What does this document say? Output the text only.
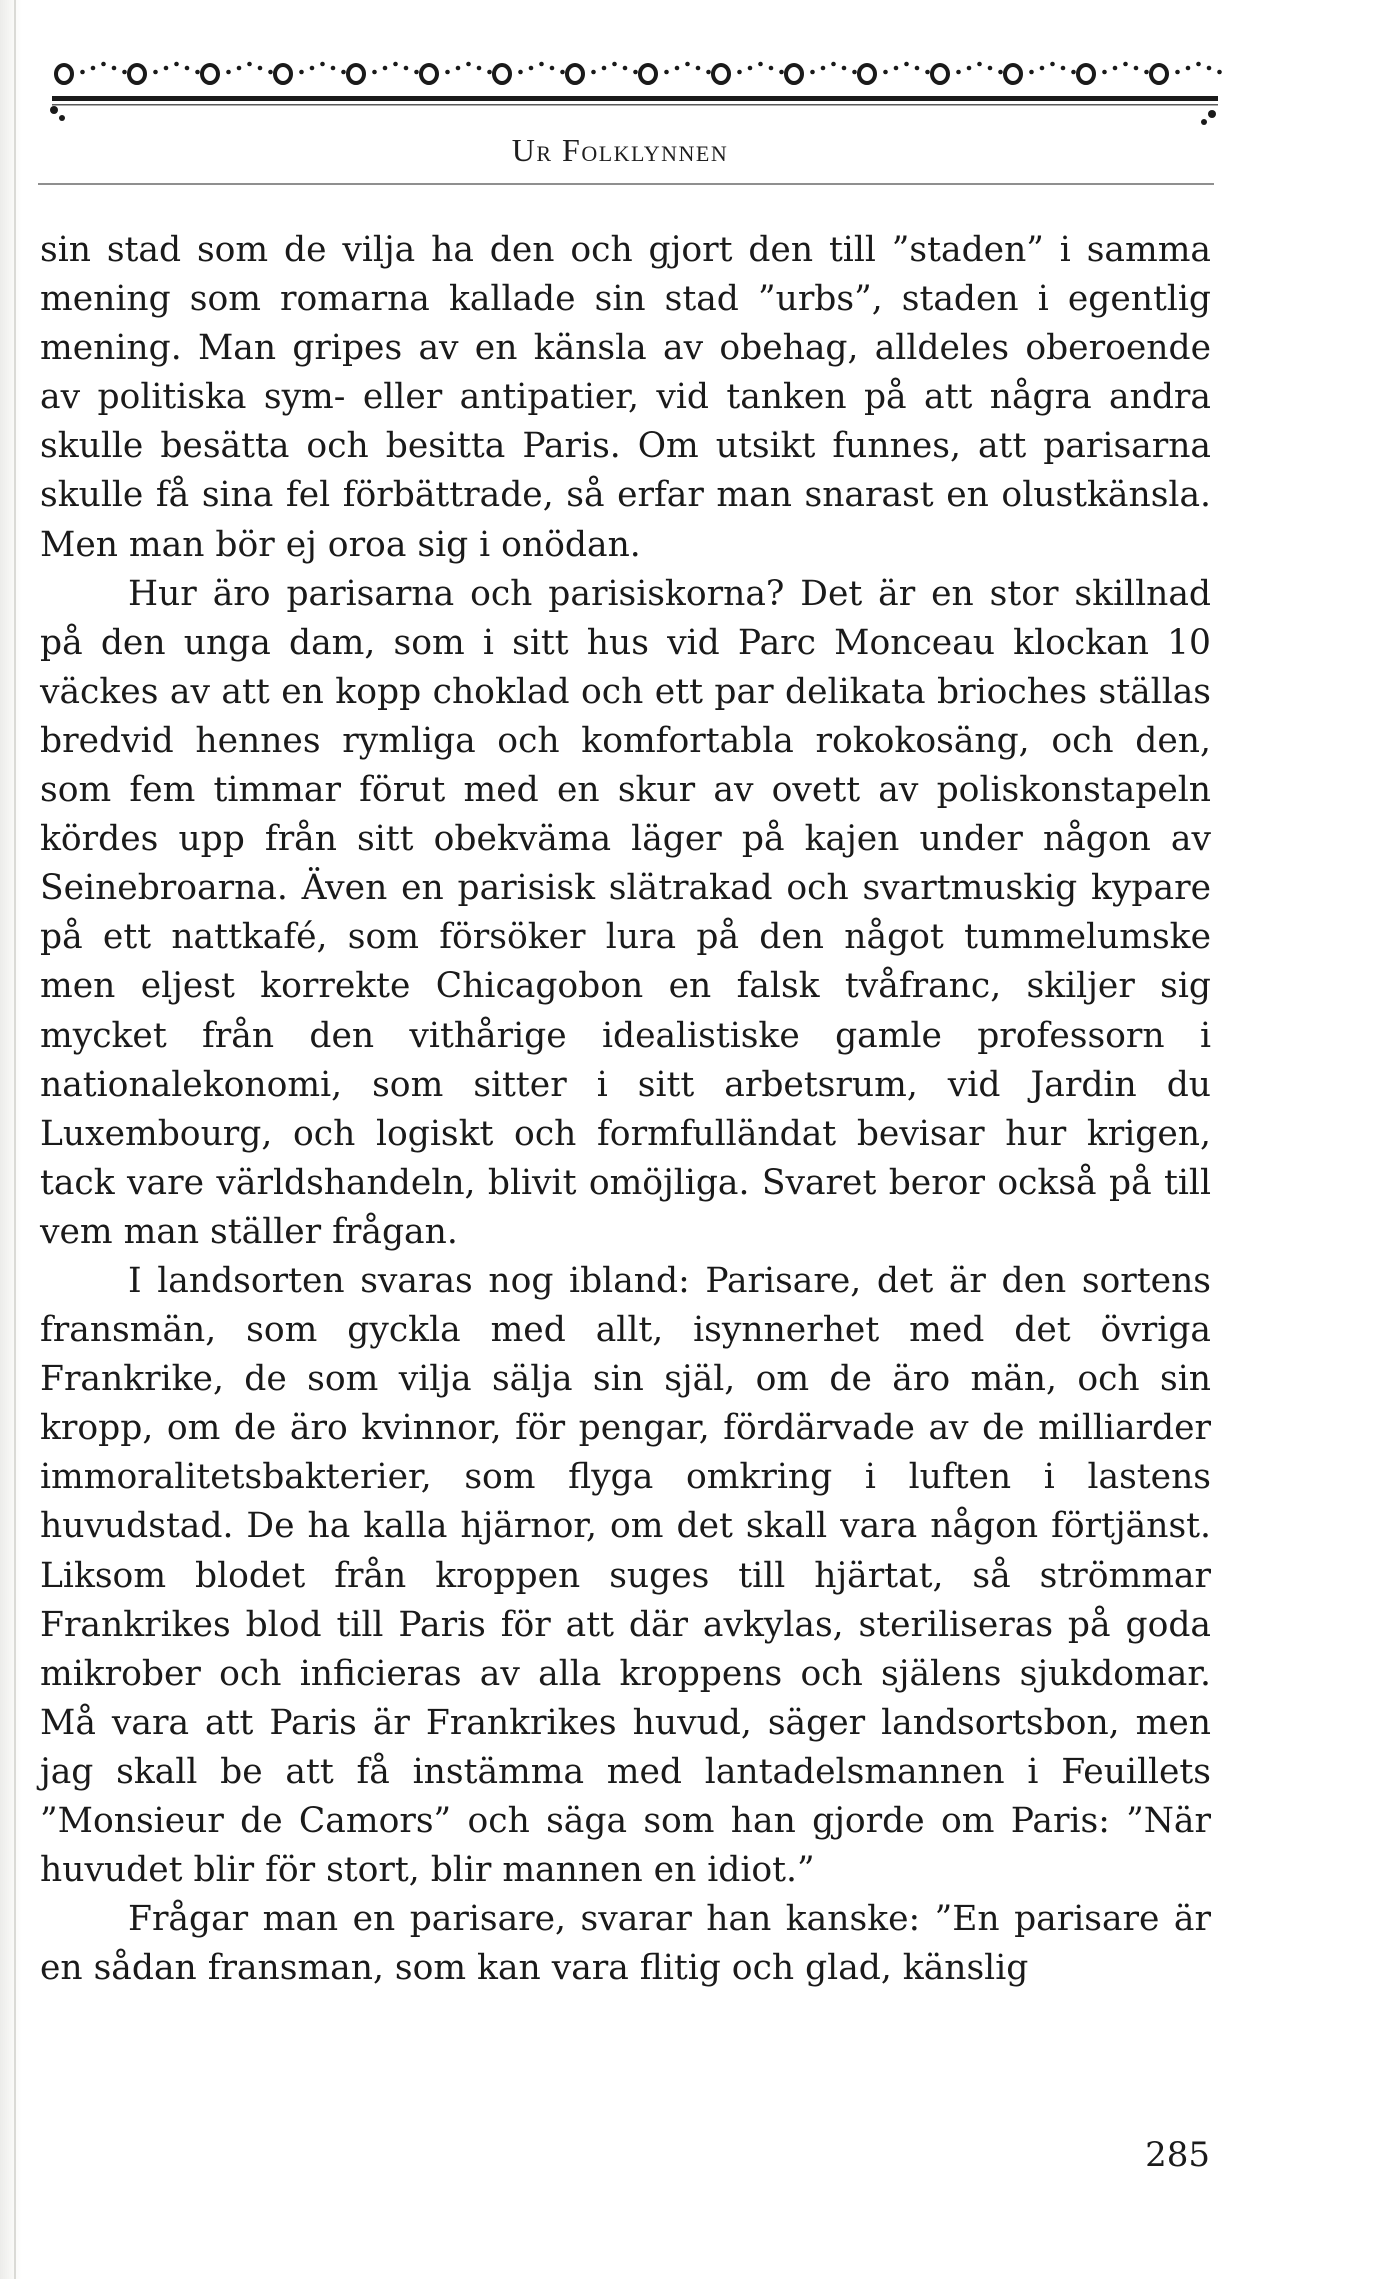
Ur Folklynnen

sin stad som de vilja ha den och gjort den till ”staden” i samma mening som romarna kallade sin stad ”urbs”, staden i egentlig mening. Man gripes av en känsla av obehag, alldeles oberoende av politiska sym- eller antipatier, vid tanken på att några andra skulle besätta och besitta Paris. Om utsikt funnes, att parisarna skulle få sina fel förbättrade, så erfar man snarast en olustkänsla. Men man bör ej oroa sig i onödan.

Hur äro parisarna och parisiskorna? Det är en stor skillnad på den unga dam, som i sitt hus vid Parc Monceau klockan 10 väckes av att en kopp choklad och ett par delikata brioches ställas bredvid hennes rymliga och komfortabla rokokosäng, och den, som fem timmar förut med en skur av ovett av poliskonstapeln kördes upp från sitt obekväma läger på kajen under någon av Seinebroarna. Även en parisisk slätrakad och svartmuskig kypare på ett nattkafé, som försöker lura på den något tummelumske men eljest korrekte Chicagobon en falsk tvåfranc, skiljer sig mycket från den vithårige idealistiske gamle professorn i nationalekonomi, som sitter i sitt arbetsrum, vid Jardin du Luxembourg, och logiskt och formfulländat bevisar hur krigen, tack vare världshandeln, blivit omöjliga. Svaret beror också på till vem man ställer frågan.

I landsorten svaras nog ibland: Parisare, det är den sortens fransmän, som gyckla med allt, isynnerhet med det övriga Frankrike, de som vilja sälja sin själ, om de äro män, och sin kropp, om de äro kvinnor, för pengar, fördärvade av de milliarder immoralitetsbakterier, som flyga omkring i luften i lastens huvudstad. De ha kalla hjärnor, om det skall vara någon förtjänst. Liksom blodet från kroppen suges till hjärtat, så strömmar Frankrikes blod till Paris för att där avkylas, steriliseras på goda mikrober och inficieras av alla kroppens och själens sjukdomar. Må vara att Paris är Frankrikes huvud, säger landsortsbon, men jag skall be att få instämma med lantadelsmannen i Feuillets ”Monsieur de Camors” och säga som han gjorde om Paris: ”När huvudet blir för stort, blir mannen en idiot.”

Frågar man en parisare, svarar han kanske: ”En parisare är en sådan fransman, som kan vara flitig och glad, känslig

285
